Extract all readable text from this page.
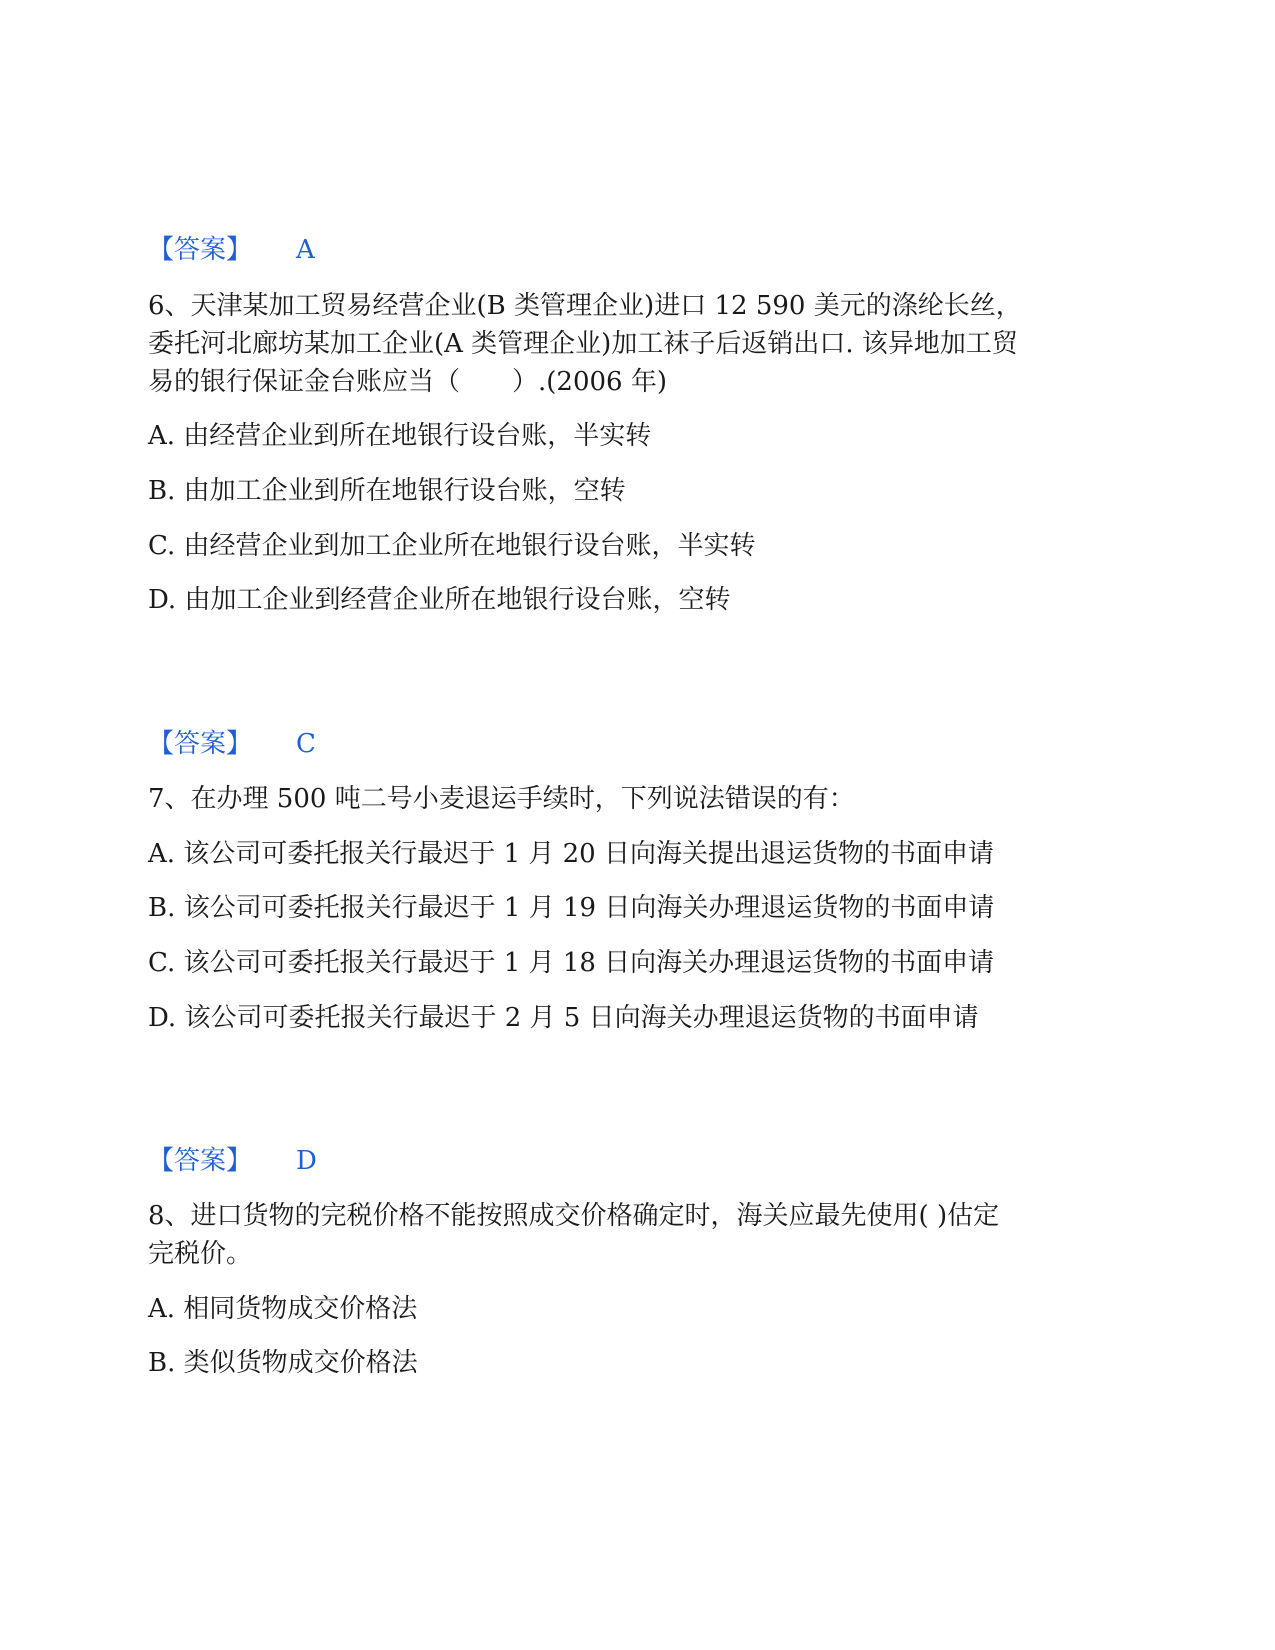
【答案】 A
6、天津某加工贸易经营企业(B 类管理企业)进口 12 590 美元的涤纶长丝，
委托河北廊坊某加工企业(A 类管理企业)加工袜子后返销出口. 该异地加工贸
易的银行保证金台账应当（　　）.(2006 年)
A. 由经营企业到所在地银行设台账，半实转
B. 由加工企业到所在地银行设台账，空转
C. 由经营企业到加工企业所在地银行设台账，半实转
D. 由加工企业到经营企业所在地银行设台账，空转
【答案】 C
7、在办理 500 吨二号小麦退运手续时，下列说法错误的有：
A. 该公司可委托报关行最迟于 1 月 20 日向海关提出退运货物的书面申请
B. 该公司可委托报关行最迟于 1 月 19 日向海关办理退运货物的书面申请
C. 该公司可委托报关行最迟于 1 月 18 日向海关办理退运货物的书面申请
D. 该公司可委托报关行最迟于 2 月 5 日向海关办理退运货物的书面申请
【答案】 D
8、进口货物的完税价格不能按照成交价格确定时，海关应最先使用( )估定
完税价。
A. 相同货物成交价格法
B. 类似货物成交价格法
